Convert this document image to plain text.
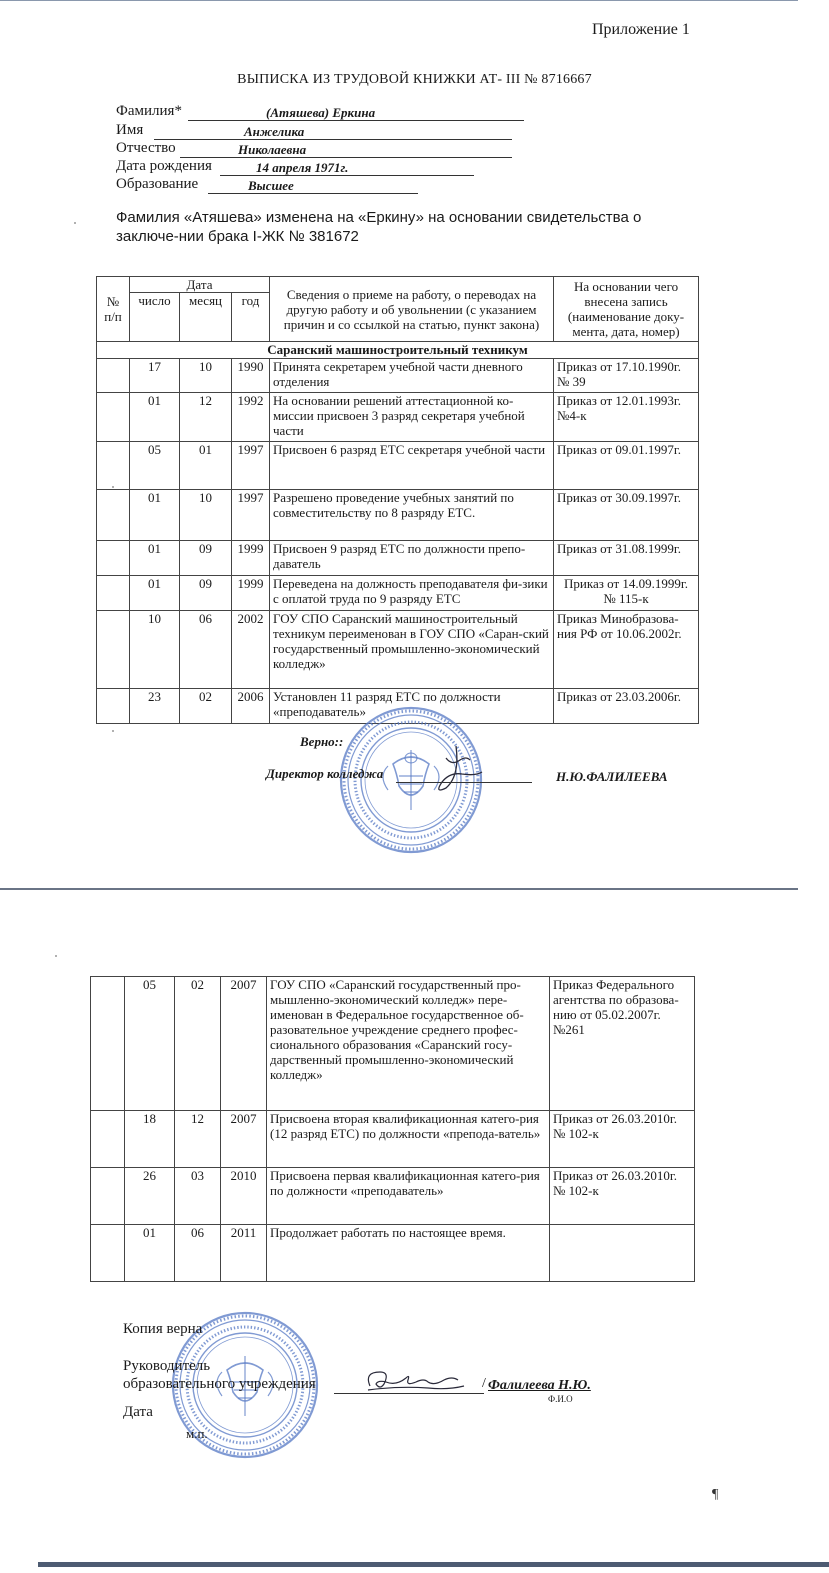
Приложение 1
ВЫПИСКА ИЗ ТРУДОВОЙ КНИЖКИ АТ- III № 8716667
Фамилия*	(Атяшева) Еркина
Имя	Анжелика
Отчество	Николаевна
Дата рождения	14 апреля 1971г.
Образование	Высшее
Фамилия «Атяшева» изменена на «Еркину» на основании свидетельства о заключе-нии брака I-ЖК № 381672
№ п/п	Дата			Сведения о приеме на работу, о переводах на другую работу и об увольнении (с указанием причин и со ссылкой на статью, пункт закона)	На основании чего внесена запись (наименование доку-мента, дата, номер)
	число	месяц	год		
Саранский машиностроительный техникум					
	17	10	1990	Принята секретарем учебной части дневного отделения	Приказ от 17.10.1990г. № 39
	01	12	1992	На основании решений аттестационной ко-миссии присвоен 3 разряд секретаря учебной части	Приказ от 12.01.1993г. №4-к
	05	01	1997	Присвоен 6 разряд ЕТС секретаря учебной части	Приказ от 09.01.1997г.
	01	10	1997	Разрешено проведение учебных занятий по совместительству по 8 разряду ЕТС.	Приказ от 30.09.1997г.
	01	09	1999	Присвоен 9 разряд ЕТС по должности препо-даватель	Приказ от 31.08.1999г.
	01	09	1999	Переведена на должность преподавателя фи-зики с оплатой труда по 9 разряду ЕТС	Приказ от 14.09.1999г. № 115-к
	10	06	2002	ГОУ СПО Саранский машиностроительный техникум переименован в ГОУ СПО «Саран-ский государственный промышленно-экономический колледж»	Приказ Минобразова-ния РФ от 10.06.2002г.
	23	02	2006	Установлен 11 разряд ЕТС по должности «преподаватель»	Приказ от 23.03.2006г.
Верно::
Директор колледжа	Н.Ю.ФАЛИЛЕЕВА
	05	02	2007	ГОУ СПО «Саранский государственный про-мышленно-экономический колледж» пере-именован в Федеральное государственное об-разовательное учреждение среднего профес-сионального образования «Саранский госу-дарственный промышленно-экономический колледж»	Приказ Федерального агентства по образова-нию от 05.02.2007г. №261
	18	12	2007	Присвоена вторая квалификационная катего-рия (12 разряд ЕТС) по должности «препода-ватель»	Приказ от 26.03.2010г. № 102-к
	26	03	2010	Присвоена первая квалификационная катего-рия по должности «преподаватель»	Приказ от 26.03.2010г. № 102-к
	01	06	2011	Продолжает работать по настоящее время.	
Копия верна
Руководитель
образовательного учреждения	/ Фалилеева Н.Ю.
Ф.И.О
Дата
м.п.
¶
